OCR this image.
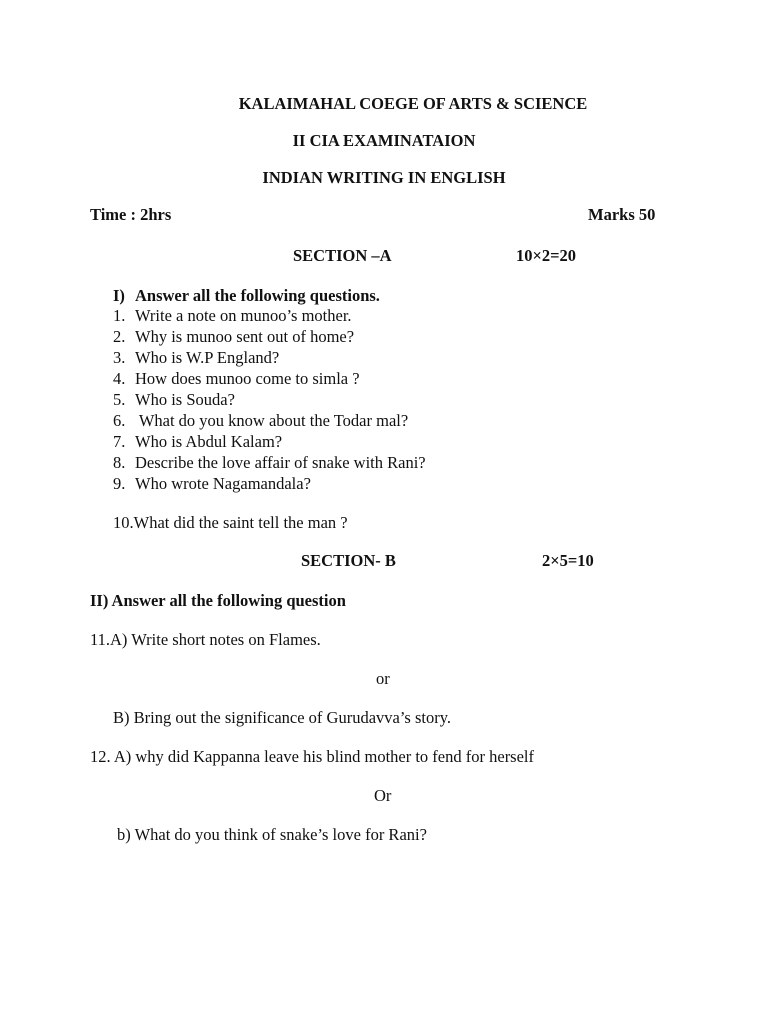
KALAIMAHAL COEGE OF ARTS & SCIENCE
II CIA EXAMINATAION
INDIAN WRITING IN ENGLISH
Time : 2hrs	Marks 50
SECTION –A	10×2=20
I) Answer all the following questions.
1. Write a note on munoo’s mother.
2. Why is munoo sent out of home?
3. Who is W.P England?
4. How does munoo come to simla ?
5. Who is Souda?
6. What do you know about the Todar mal?
7. Who is Abdul Kalam?
8. Describe the love affair of snake with Rani?
9. Who wrote Nagamandala?
10.What did the saint tell the man ?
SECTION- B	2×5=10
II) Answer all the following question
11.A) Write short notes on Flames.
or
B) Bring out the significance of Gurudavva’s story.
12. A) why did Kappanna leave his blind mother to fend for herself
Or
b) What do you think of snake’s love for Rani?
